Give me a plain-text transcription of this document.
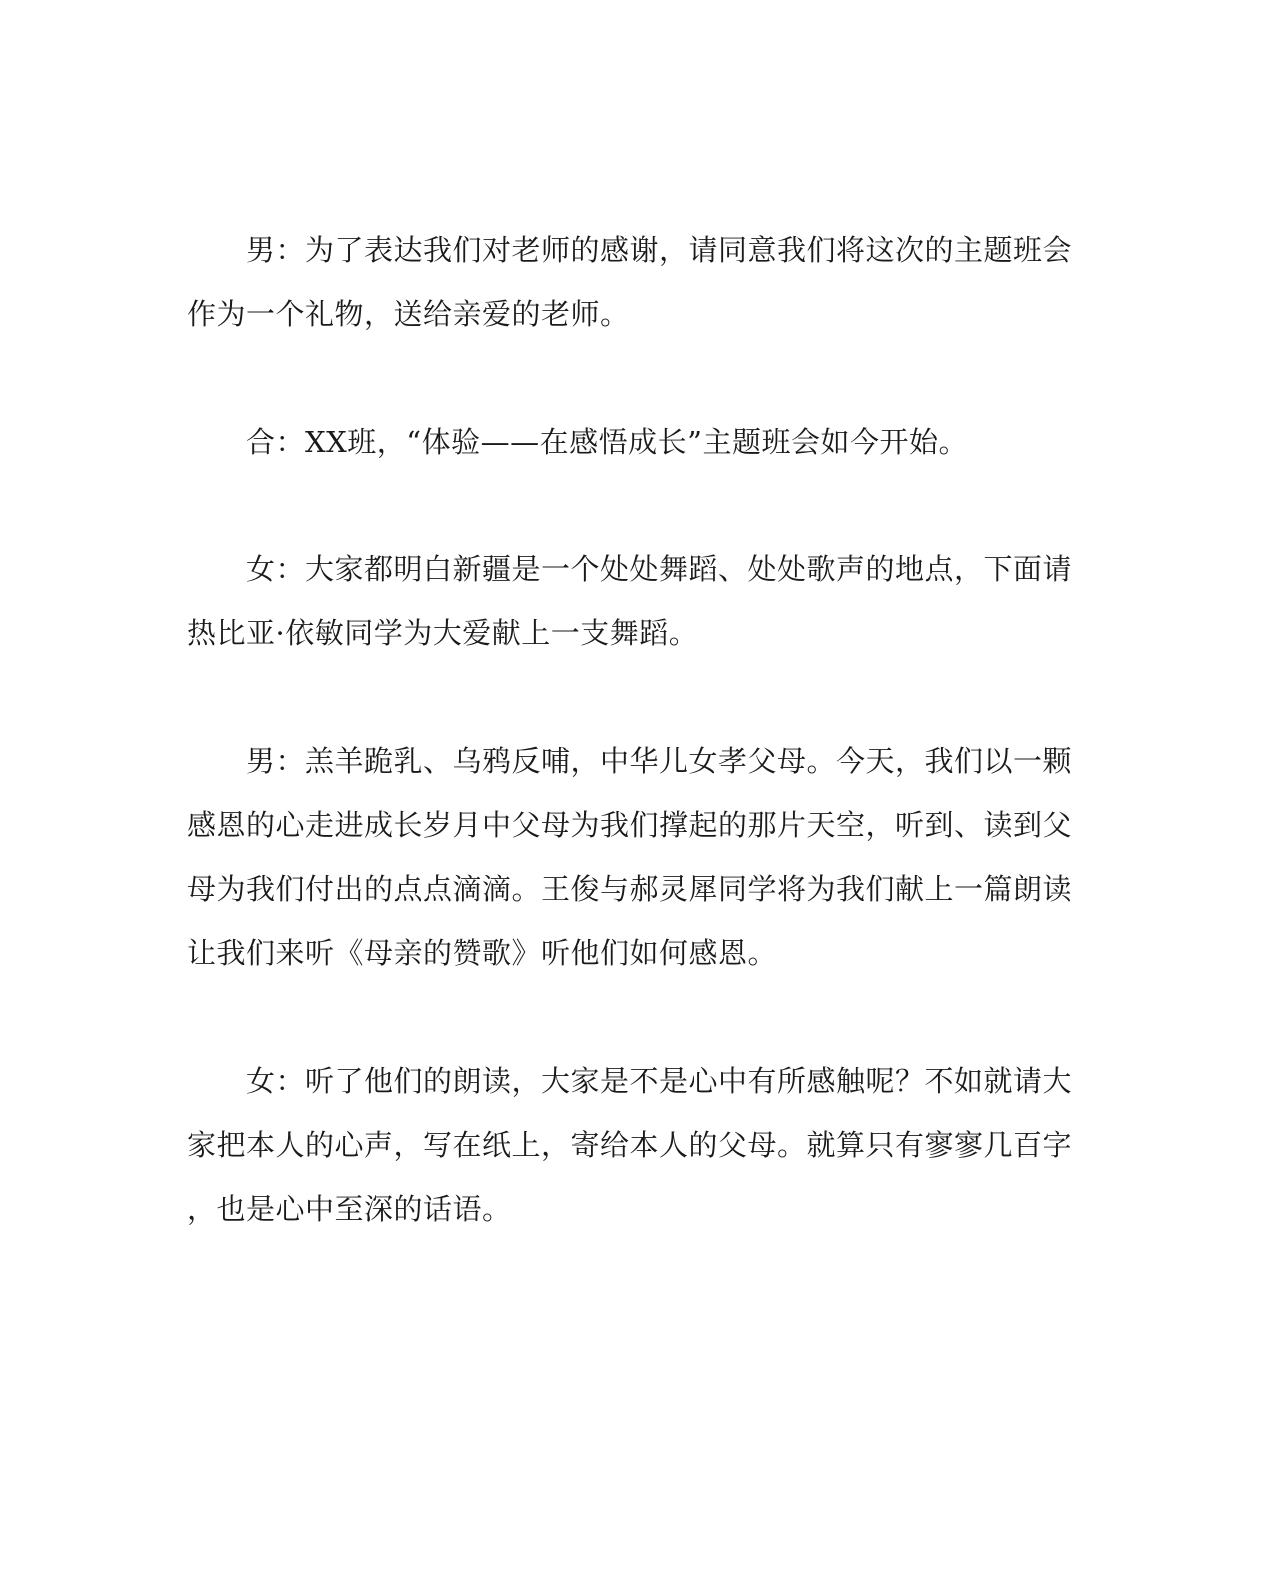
男：为了表达我们对老师的感谢，请同意我们将这次的主题班会
作为一个礼物，送给亲爱的老师。
合：XX班，“体验——在感悟成长”主题班会如今开始。
女：大家都明白新疆是一个处处舞蹈、处处歌声的地点，下面请
热比亚·依敏同学为大爱献上一支舞蹈。
男：羔羊跪乳、乌鸦反哺，中华儿女孝父母。今天，我们以一颗
感恩的心走进成长岁月中父母为我们撑起的那片天空，听到、读到父
母为我们付出的点点滴滴。王俊与郝灵犀同学将为我们献上一篇朗读
让我们来听《母亲的赞歌》听他们如何感恩。
女：听了他们的朗读，大家是不是心中有所感触呢？不如就请大
家把本人的心声，写在纸上，寄给本人的父母。就算只有寥寥几百字
，也是心中至深的话语。
